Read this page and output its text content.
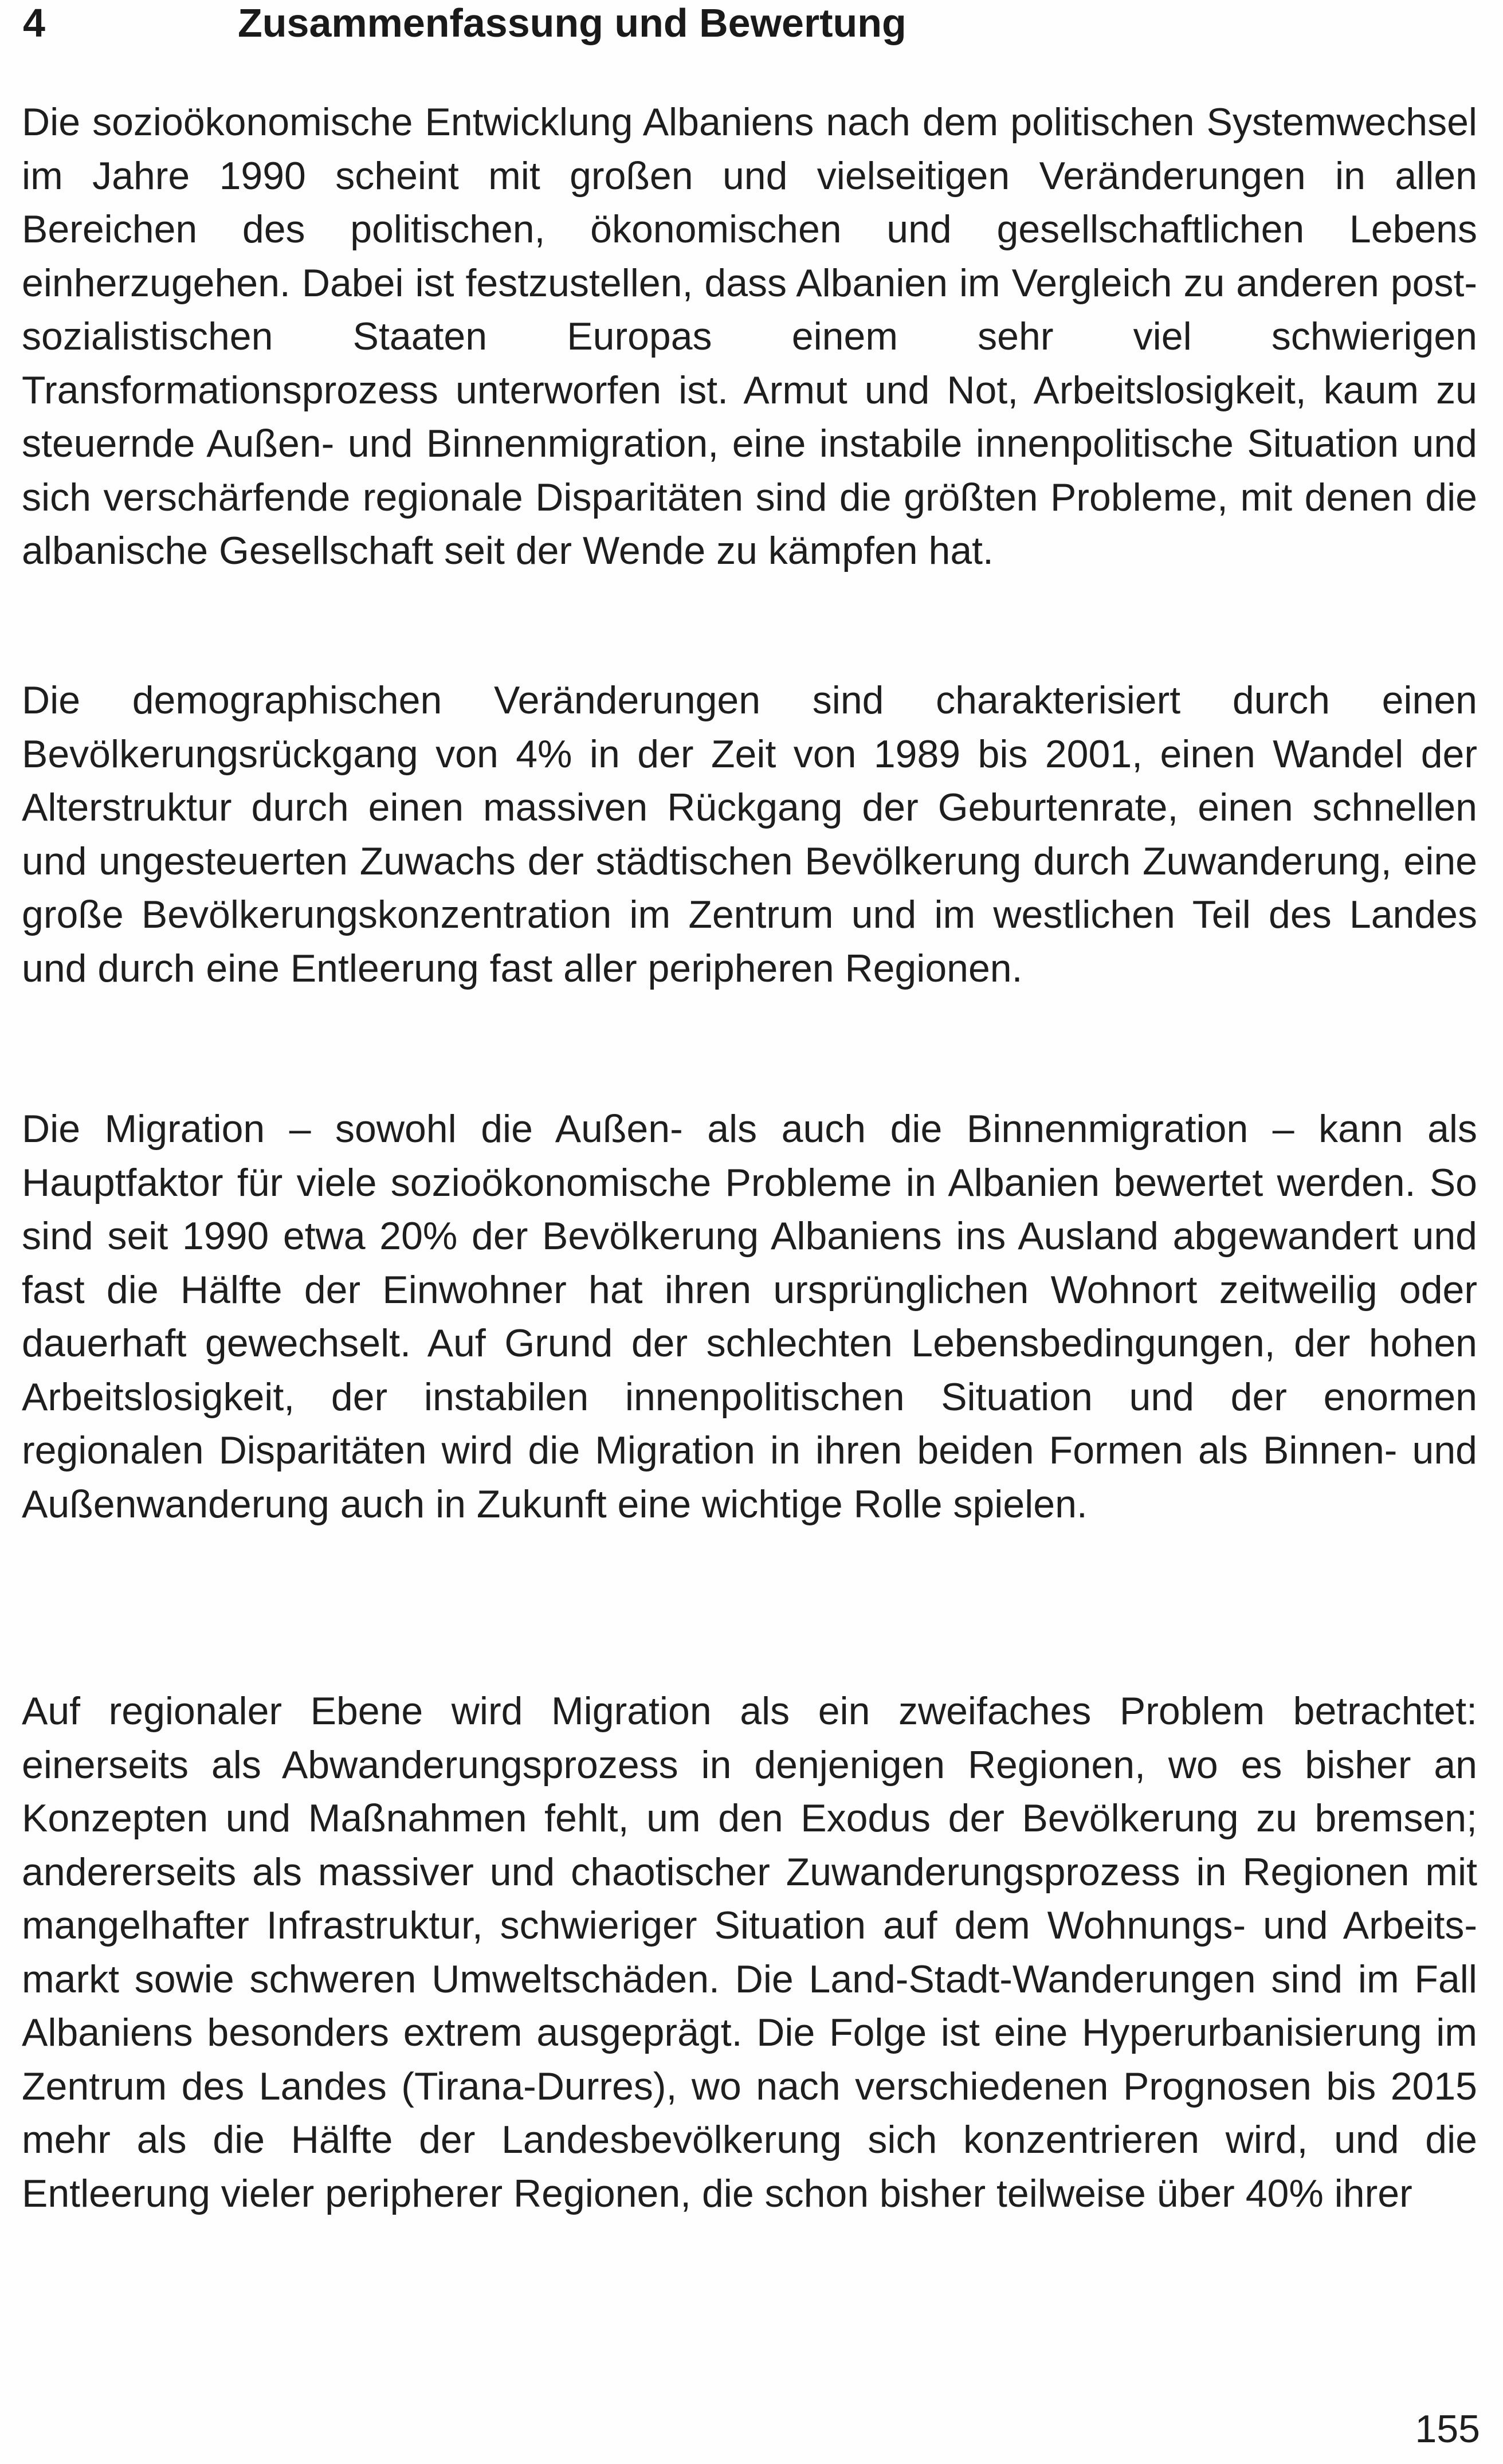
4	Zusammenfassung und Bewertung

Die sozioökonomische Entwicklung Albaniens nach dem politischen Systemwechsel im Jahre 1990 scheint mit großen und vielseitigen Veränderungen in allen Bereichen des politischen, ökonomischen und gesellschaftlichen Lebens einherzugehen. Dabei ist festzustellen, dass Albanien im Vergleich zu anderen post-sozialistischen Staaten Europas einem sehr viel schwierigen Transformationsprozess unterworfen ist. Armut und Not, Arbeitslosigkeit, kaum zu steuernde Außen- und Binnenmigration, eine instabile innenpolitische Situation und sich verschärfende regionale Disparitäten sind die größten Probleme, mit denen die albanische Gesellschaft seit der Wende zu kämpfen hat.

Die demographischen Veränderungen sind charakterisiert durch einen Bevölkerungsrückgang von 4% in der Zeit von 1989 bis 2001, einen Wandel der Alterstruktur durch einen massiven Rückgang der Geburtenrate, einen schnellen und ungesteuerten Zuwachs der städtischen Bevölkerung durch Zuwanderung, eine große Bevölkerungskonzentration im Zentrum und im westlichen Teil des Landes und durch eine Entleerung fast aller peripheren Regionen.

Die Migration – sowohl die Außen- als auch die Binnenmigration – kann als Hauptfaktor für viele sozioökonomische Probleme in Albanien bewertet werden. So sind seit 1990 etwa 20% der Bevölkerung Albaniens ins Ausland abgewandert und fast die Hälfte der Einwohner hat ihren ursprünglichen Wohnort zeitweilig oder dauerhaft gewechselt. Auf Grund der schlechten Lebensbedingungen, der hohen Arbeitslosigkeit, der instabilen innenpolitischen Situation und der enormen regionalen Disparitäten wird die Migration in ihren beiden Formen als Binnen- und Außenwanderung auch in Zukunft eine wichtige Rolle spielen.

Auf regionaler Ebene wird Migration als ein zweifaches Problem betrachtet: einerseits als Abwanderungsprozess in denjenigen Regionen, wo es bisher an Konzepten und Maßnahmen fehlt, um den Exodus der Bevölkerung zu bremsen; andererseits als massiver und chaotischer Zuwanderungsprozess in Regionen mit mangelhafter Infrastruktur, schwieriger Situation auf dem Wohnungs- und Arbeitsmarkt sowie schweren Umweltschäden. Die Land-Stadt-Wanderungen sind im Fall Albaniens besonders extrem ausgeprägt. Die Folge ist eine Hyperurbanisierung im Zentrum des Landes (Tirana-Durres), wo nach verschiedenen Prognosen bis 2015 mehr als die Hälfte der Landesbevölkerung sich konzentrieren wird, und die Entleerung vieler peripherer Regionen, die schon bisher teilweise über 40% ihrer

155
